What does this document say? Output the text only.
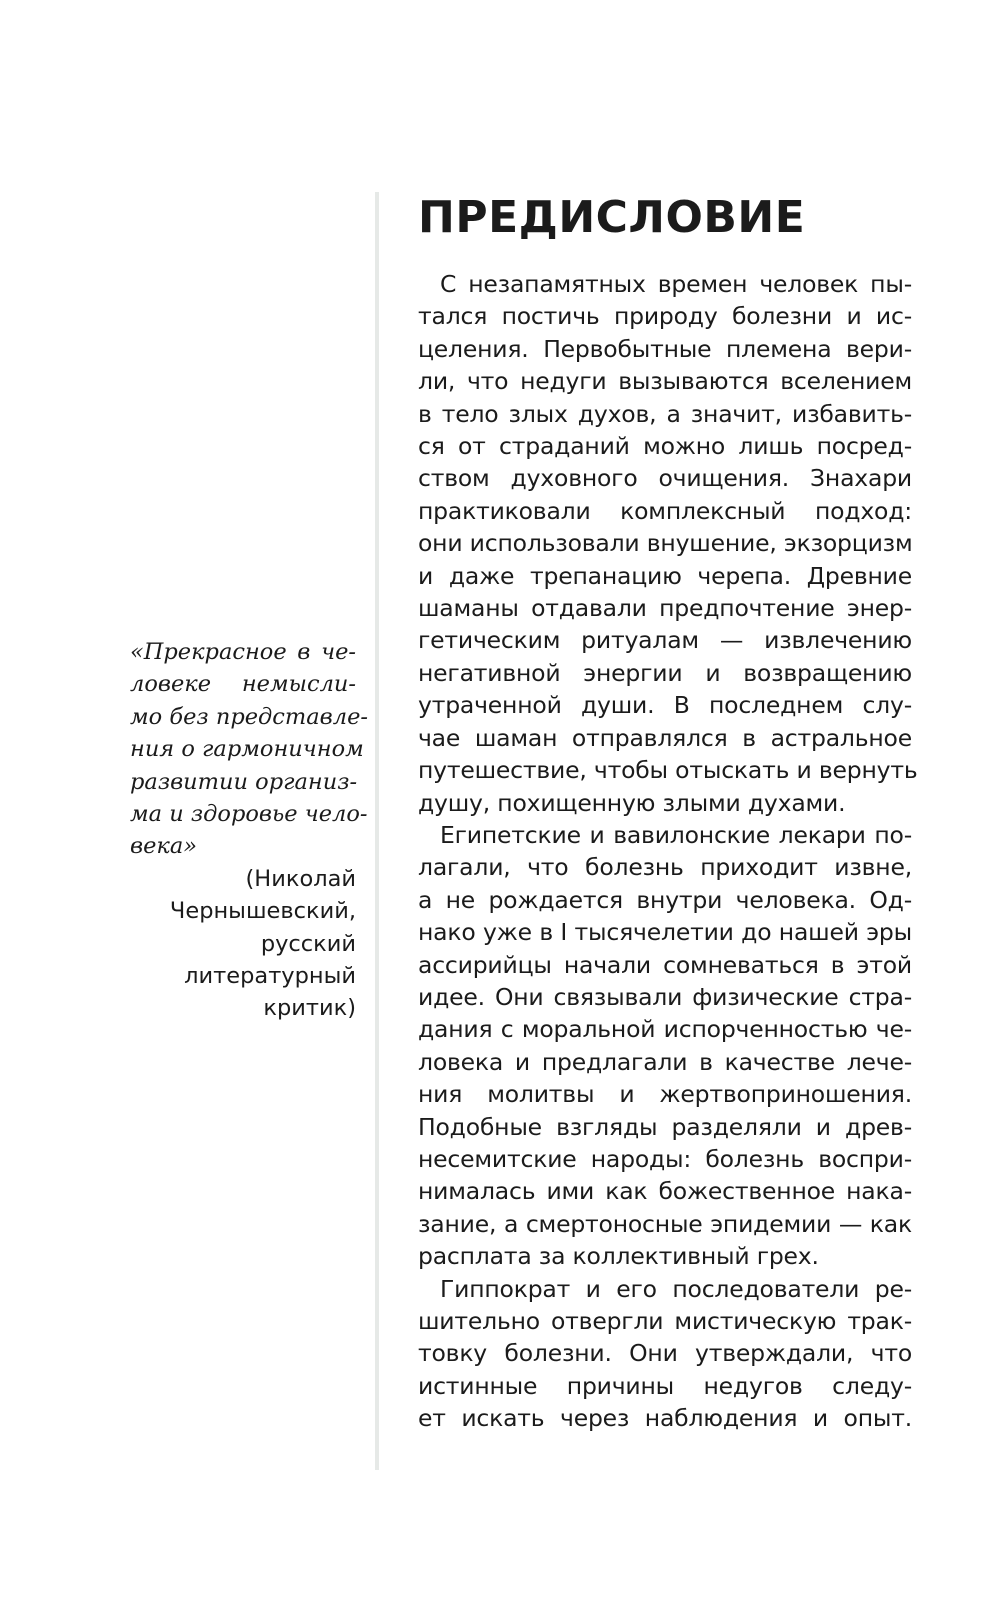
«Прекрасное в че-
ловеке немысли-
мо без представле-
ния о гармоничном
развитии организ-
ма и здоровье чело-
века»
(Николай
Чернышевский,
русский
литературный
критик)
ПРЕДИСЛОВИЕ

С незапамятных времен человек пы-
тался постичь природу болезни и ис-
целения. Первобытные племена вери-
ли, что недуги вызываются вселением
в тело злых духов, а значит, избавить-
ся от страданий можно лишь посред-
ством духовного очищения. Знахари
практиковали комплексный подход:
они использовали внушение, экзорцизм
и даже трепанацию черепа. Древние
шаманы отдавали предпочтение энер-
гетическим ритуалам — извлечению
негативной энергии и возвращению
утраченной души. В последнем слу-
чае шаман отправлялся в астральное
путешествие, чтобы отыскать и вернуть
душу, похищенную злыми духами.

Египетские и вавилонские лекари по-
лагали, что болезнь приходит извне,
а не рождается внутри человека. Од-
нако уже в I тысячелетии до нашей эры
ассирийцы начали сомневаться в этой
идее. Они связывали физические стра-
дания с моральной испорченностью че-
ловека и предлагали в качестве лече-
ния молитвы и жертвоприношения.
Подобные взгляды разделяли и древ-
несемитские народы: болезнь воспри-
нималась ими как божественное нака-
зание, а смертоносные эпидемии — как
расплата за коллективный грех.

Гиппократ и его последователи ре-
шительно отвергли мистическую трак-
товку болезни. Они утверждали, что
истинные причины недугов следу-
ет искать через наблюдения и опыт.
